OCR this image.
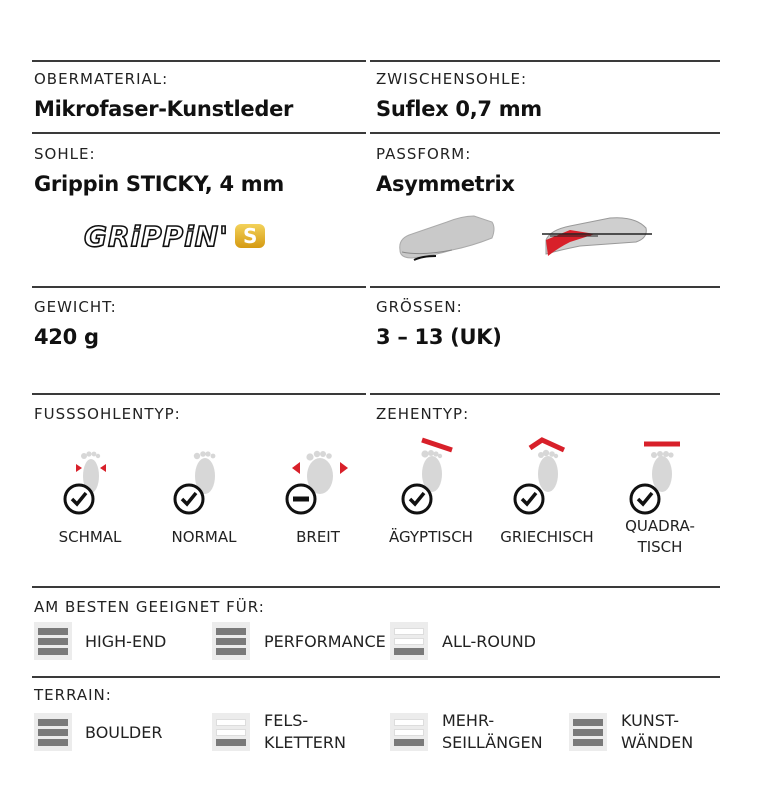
OBERMATERIAL:
Mikrofaser-Kunstleder
ZWISCHENSOHLE:
Suflex 0,7 mm
SOHLE:
Grippin STICKY, 4 mm
PASSFORM:
Asymmetrix
GRiPPiN' S
GEWICHT:
420 g
GRÖSSEN:
3 – 13 (UK)
FUSSSOHLENTYP:	ZEHENTYP:
SCHMAL	NORMAL	BREIT	ÄGYPTISCH	GRIECHISCH
QUADRA-
TISCH
AM BESTEN GEEIGNET FÜR:
HIGH-END	PERFORMANCE	ALL-ROUND
TERRAIN:
BOULDER
FELS-
KLETTERN
MEHR-
SEILLÄNGEN
KUNST-
WÄNDEN
